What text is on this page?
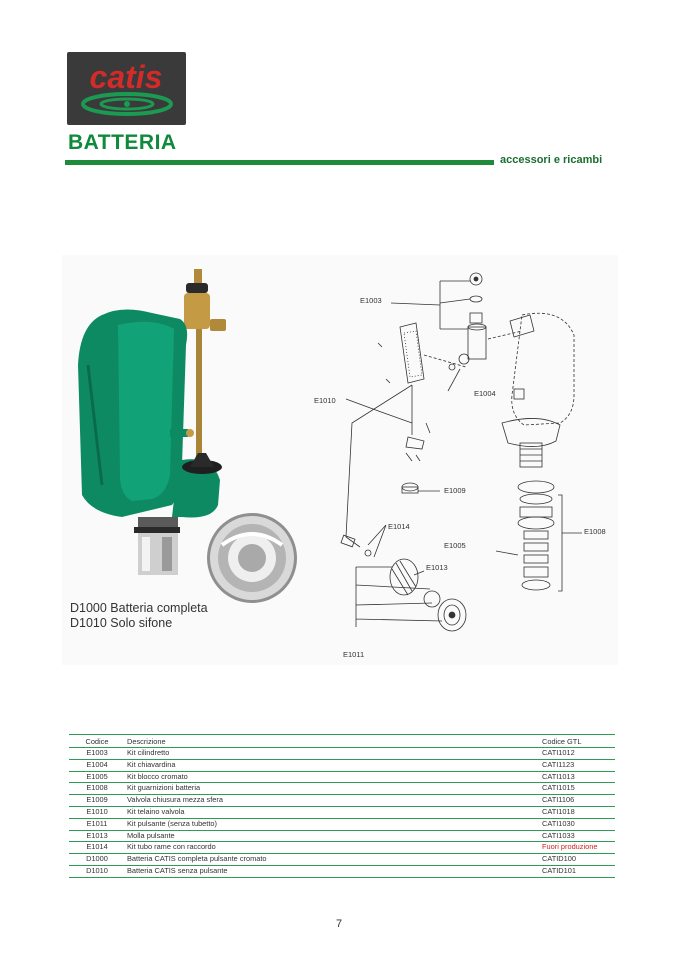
catis
BATTERIA
accessori e ricambi
E1003
E1004
E1010
E1009
E1014
E1005
E1008
E1013
E1011
D1000 Batteria completa
D1010 Solo sifone
Codice	Descrizione	Codice GTL
E1003	Kit cilindretto	CATI1012
E1004	Kit chiavardina	CATI1123
E1005	Kit blocco cromato	CATI1013
E1008	Kit guarnizioni batteria	CATI1015
E1009	Valvola chiusura mezza sfera	CATI1106
E1010	Kit telaino valvola	CATI1018
E1011	Kit pulsante (senza tubetto)	CATI1030
E1013	Molla pulsante	CATI1033
E1014	Kit tubo rame con raccordo	Fuori produzione
D1000	Batteria CATIS completa pulsante cromato	CATID100
D1010	Batteria CATIS senza pulsante	CATID101
7
